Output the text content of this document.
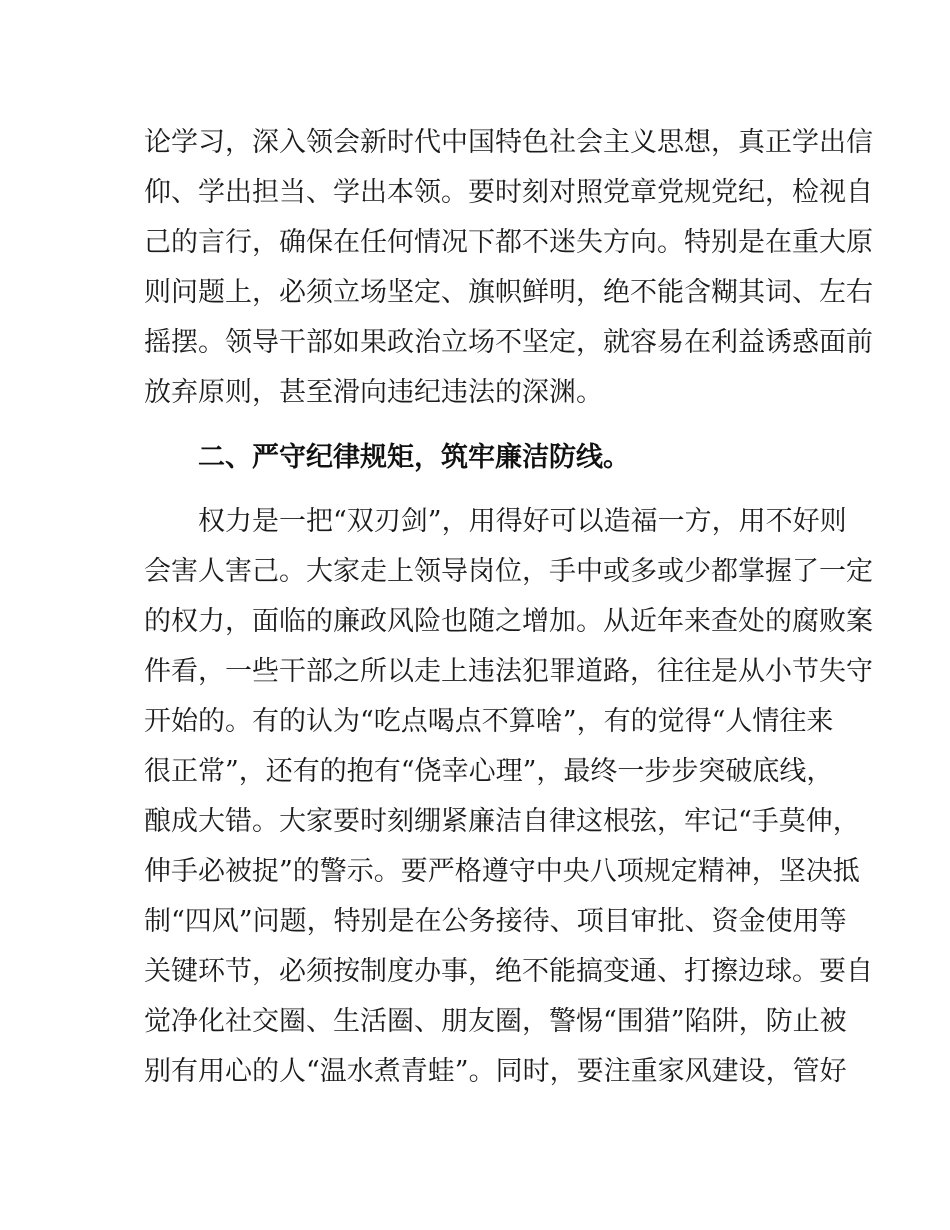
论学习，深入领会新时代中国特色社会主义思想，真正学出信
仰、学出担当、学出本领。要时刻对照党章党规党纪，检视自
己的言行，确保在任何情况下都不迷失方向。特别是在重大原
则问题上，必须立场坚定、旗帜鲜明，绝不能含糊其词、左右
摇摆。领导干部如果政治立场不坚定，就容易在利益诱惑面前
放弃原则，甚至滑向违纪违法的深渊。
二、严守纪律规矩，筑牢廉洁防线。
权力是一把“双刃剑”，用得好可以造福一方，用不好则
会害人害己。大家走上领导岗位，手中或多或少都掌握了一定
的权力，面临的廉政风险也随之增加。从近年来查处的腐败案
件看，一些干部之所以走上违法犯罪道路，往往是从小节失守
开始的。有的认为“吃点喝点不算啥”，有的觉得“人情往来
很正常”，还有的抱有“侥幸心理”，最终一步步突破底线，
酿成大错。大家要时刻绷紧廉洁自律这根弦，牢记“手莫伸，
伸手必被捉”的警示。要严格遵守中央八项规定精神，坚决抵
制“四风”问题，特别是在公务接待、项目审批、资金使用等
关键环节，必须按制度办事，绝不能搞变通、打擦边球。要自
觉净化社交圈、生活圈、朋友圈，警惕“围猎”陷阱，防止被
别有用心的人“温水煮青蛙”。同时，要注重家风建设，管好
